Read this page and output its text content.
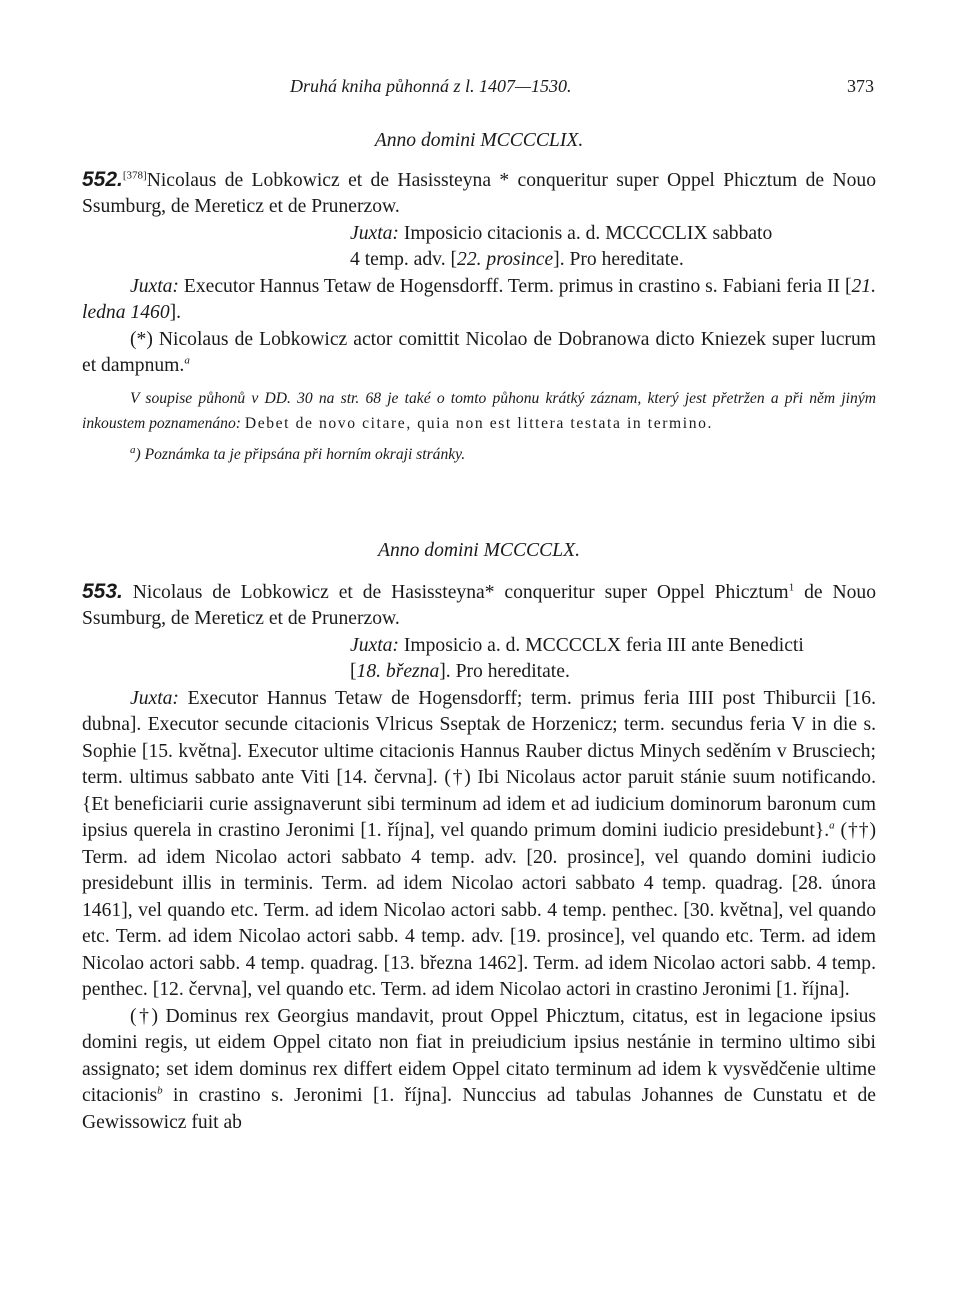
Druhá kniha půhonná z l. 1407—1530.	373

Anno domini MCCCCLIX.

552.[378]Nicolaus de Lobkowicz et de Hasissteyna * conqueritur super Oppel Phicztum de Nouo Ssumburg, de Mereticz et de Prunerzow.

Juxta: Imposicio citacionis a. d. MCCCCLIX sabbato
4 temp. adv. [22. prosince]. Pro hereditate.

Juxta: Executor Hannus Tetaw de Hogensdorff. Term. primus in crastino s. Fabiani feria II [21. ledna 1460].

(*) Nicolaus de Lobkowicz actor comittit Nicolao de Dobranowa dicto Kniezek super lucrum et dampnum.$^a$

V soupise půhonů v DD. 30 na str. 68 je také o tomto půhonu krátký záznam, který jest přetržen a při něm jiným inkoustem poznamenáno: Debet de novo citare, quia non est littera testata in termino.

$^a$) Poznámka ta je připsána při horním okraji stránky.

Anno domini MCCCCLX.

553. Nicolaus de Lobkowicz et de Hasissteyna* conqueritur super Oppel Phicztum$^1$ de Nouo Ssumburg, de Mereticz et de Prunerzow.

Juxta: Imposicio a. d. MCCCCLX feria III ante Benedicti
[18. března]. Pro hereditate.

Juxta: Executor Hannus Tetaw de Hogensdorff; term. primus feria IIII post Thiburcii [16. dubna]. Executor secunde citacionis Vlricus Sseptak de Horzenicz; term. secundus feria V in die s. Sophie [15. května]. Executor ultime citacionis Hannus Rauber dictus Minych seděním v Brusciech; term. ultimus sabbato ante Viti [14. června]. (†) Ibi Nicolaus actor paruit stánie suum notificando. {Et beneficiarii curie assignaverunt sibi terminum ad idem et ad iudicium dominorum baronum cum ipsius querela in crastino Jeronimi [1. října], vel quando primum domini iudicio presidebunt}.$^a$ (††) Term. ad idem Nicolao actori sabbato 4 temp. adv. [20. prosince], vel quando domini iudicio presidebunt illis in terminis. Term. ad idem Nicolao actori sabbato 4 temp. quadrag. [28. února 1461], vel quando etc. Term. ad idem Nicolao actori sabb. 4 temp. penthec. [30. května], vel quando etc. Term. ad idem Nicolao actori sabb. 4 temp. adv. [19. prosince], vel quando etc. Term. ad idem Nicolao actori sabb. 4 temp. quadrag. [13. března 1462]. Term. ad idem Nicolao actori sabb. 4 temp. penthec. [12. června], vel quando etc. Term. ad idem Nicolao actori in crastino Jeronimi [1. října].

(†) Dominus rex Georgius mandavit, prout Oppel Phicztum, citatus, est in legacione ipsius domini regis, ut eidem Oppel citato non fiat in preiudicium ipsius nestánie in termino ultimo sibi assignato; set idem dominus rex differt eidem Oppel citato terminum ad idem k vysvědčenie ultime citacionis$^b$ in crastino s. Jeronimi [1. října]. Nunccius ad tabulas Johannes de Cunstatu et de Gewissowicz fuit ab
